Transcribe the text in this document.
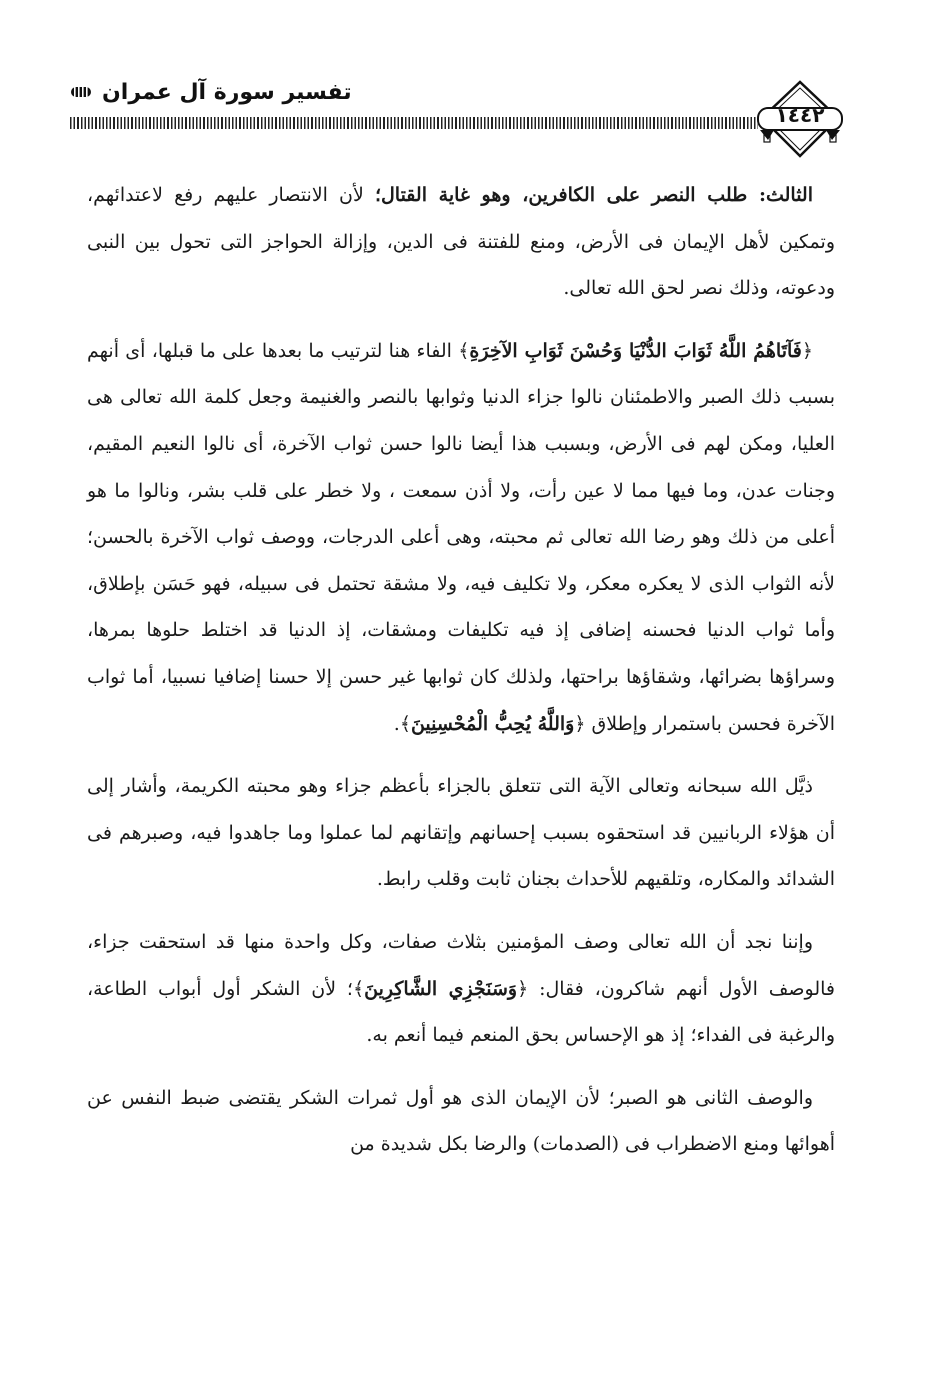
تفسير سورة آل عمران
١٤٤٢

الثالث: طلب النصر على الكافرين، وهو غاية القتال؛ لأن الانتصار عليهم رفع لاعتدائهم، وتمكين لأهل الإيمان فى الأرض، ومنع للفتنة فى الدين، وإزالة الحواجز التى تحول بين النبى ودعوته، وذلك نصر لحق الله تعالى.

﴿فَآتَاهُمُ اللَّهُ ثَوَابَ الدُّنْيَا وَحُسْنَ ثَوَابِ الآخِرَةِ﴾ الفاء هنا لترتيب ما بعدها على ما قبلها، أى أنهم بسبب ذلك الصبر والاطمئنان نالوا جزاء الدنيا وثوابها بالنصر والغنيمة وجعل كلمة الله تعالى هى العليا، ومكن لهم فى الأرض، وبسبب هذا أيضا نالوا حسن ثواب الآخرة، أى نالوا النعيم المقيم، وجنات عدن، وما فيها مما لا عين رأت، ولا أذن سمعت ، ولا خطر على قلب بشر، ونالوا ما هو أعلى من ذلك وهو رضا الله تعالى ثم محبته، وهى أعلى الدرجات، ووصف ثواب الآخرة بالحسن؛ لأنه الثواب الذى لا يعكره معكر، ولا تكليف فيه، ولا مشقة تحتمل فى سبيله، فهو حَسَن بإطلاق، وأما ثواب الدنيا فحسنه إضافى إذ فيه تكليفات ومشقات، إذ الدنيا قد اختلط حلوها بمرها، وسراؤها بضرائها، وشقاؤها براحتها، ولذلك كان ثوابها غير حسن إلا حسنا إضافيا نسبيا، أما ثواب الآخرة فحسن باستمرار وإطلاق ﴿وَاللَّهُ يُحِبُّ الْمُحْسِنِينَ﴾.

ذيَّل الله سبحانه وتعالى الآية التى تتعلق بالجزاء بأعظم جزاء وهو محبته الكريمة، وأشار إلى أن هؤلاء الربانيين قد استحقوه بسبب إحسانهم وإتقانهم لما عملوا وما جاهدوا فيه، وصبرهم فى الشدائد والمكاره، وتلقيهم للأحداث بجنان ثابت وقلب رابط.

وإننا نجد أن الله تعالى وصف المؤمنين بثلاث صفات، وكل واحدة منها قد استحقت جزاء، فالوصف الأول أنهم شاكرون، فقال: ﴿وَسَنَجْزِي الشَّاكِرِينَ﴾؛ لأن الشكر أول أبواب الطاعة، والرغبة فى الفداء؛ إذ هو الإحساس بحق المنعم فيما أنعم به.

والوصف الثانى هو الصبر؛ لأن الإيمان الذى هو أول ثمرات الشكر يقتضى ضبط النفس عن أهوائها ومنع الاضطراب فى (الصدمات) والرضا بكل شديدة من
